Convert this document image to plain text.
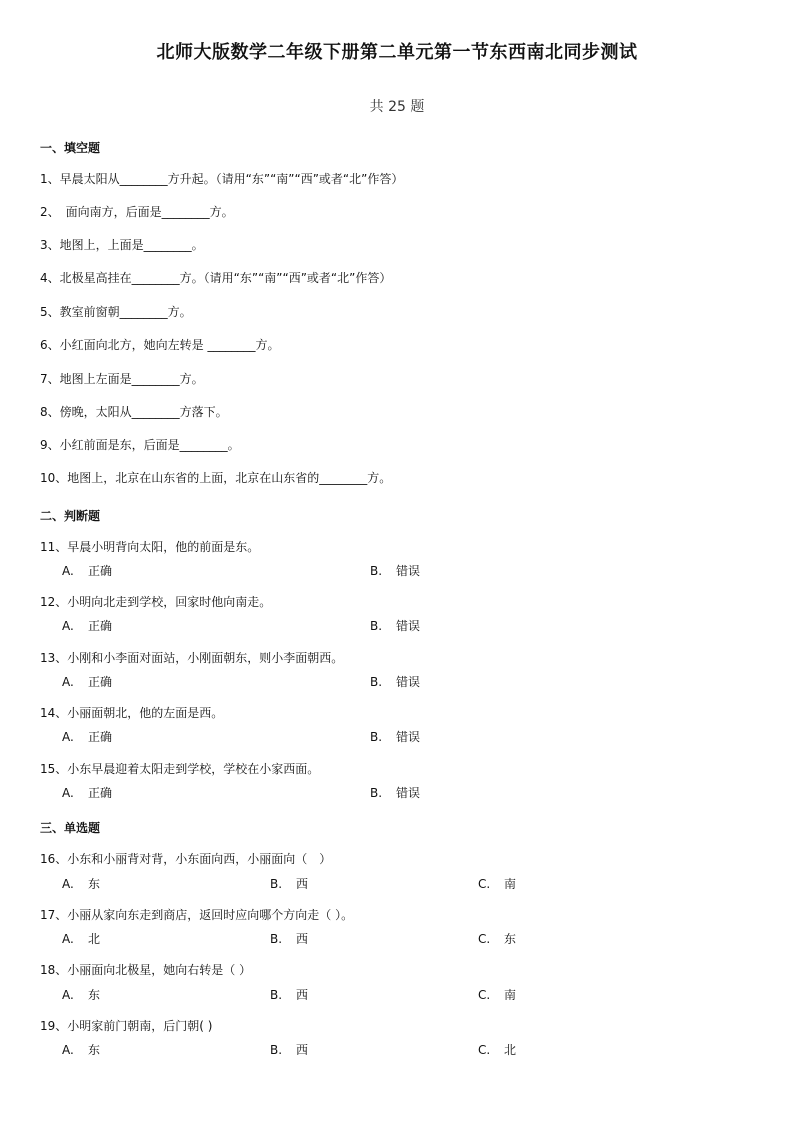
北师大版数学二年级下册第二单元第一节东西南北同步测试
共 25 题
一、填空题
1、早晨太阳从________方升起。（请用“东”“南”“西”或者“北”作答）
2、　面向南方，后面是________方。
3、地图上，上面是________。
4、北极星高挂在________方。（请用“东”“南”“西”或者“北”作答）
5、教室前窗朝________方。
6、小红面向北方，她向左转是 ________方。
7、地图上左面是________方。
8、傍晚，太阳从________方落下。
9、小红前面是东，后面是________。
10、地图上，北京在山东省的上面，北京在山东省的________方。
二、判断题
11、早晨小明背向太阳，他的前面是东。
A. 正确	B. 错误
12、小明向北走到学校，回家时他向南走。
A. 正确	B. 错误
13、小刚和小李面对面站，小刚面朝东，则小李面朝西。
A. 正确	B. 错误
14、小丽面朝北，他的左面是西。
A. 正确	B. 错误
15、小东早晨迎着太阳走到学校，学校在小家西面。
A. 正确	B. 错误
三、单选题
16、小东和小丽背对背，小东面向西，小丽面向（　）
A. 东	B. 西	C. 南
17、小丽从家向东走到商店，返回时应向哪个方向走（ ）。
A. 北	B. 西	C. 东
18、小丽面向北极星，她向右转是（ ）
A. 东	B. 西	C. 南
19、小明家前门朝南，后门朝( )
A. 东	B. 西	C. 北
